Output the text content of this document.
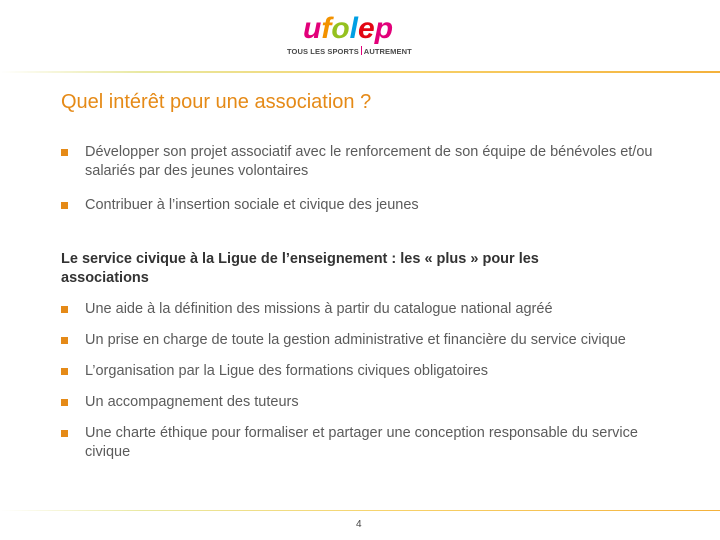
ufolep
TOUS LES SPORTS AUTREMENT
Quel intérêt pour une association ?
Développer son projet associatif avec le renforcement de son équipe de bénévoles et/ou salariés par des jeunes volontaires
Contribuer à l’insertion sociale et civique des jeunes

Le service civique à la Ligue de l’enseignement : les « plus » pour les associations

Une aide à la définition des missions à partir du catalogue national agréé
Un prise en charge de toute la gestion administrative et financière du service civique
L’organisation par la Ligue des formations civiques obligatoires
Un accompagnement des tuteurs
Une charte éthique pour formaliser et partager une conception responsable du service civique
4
